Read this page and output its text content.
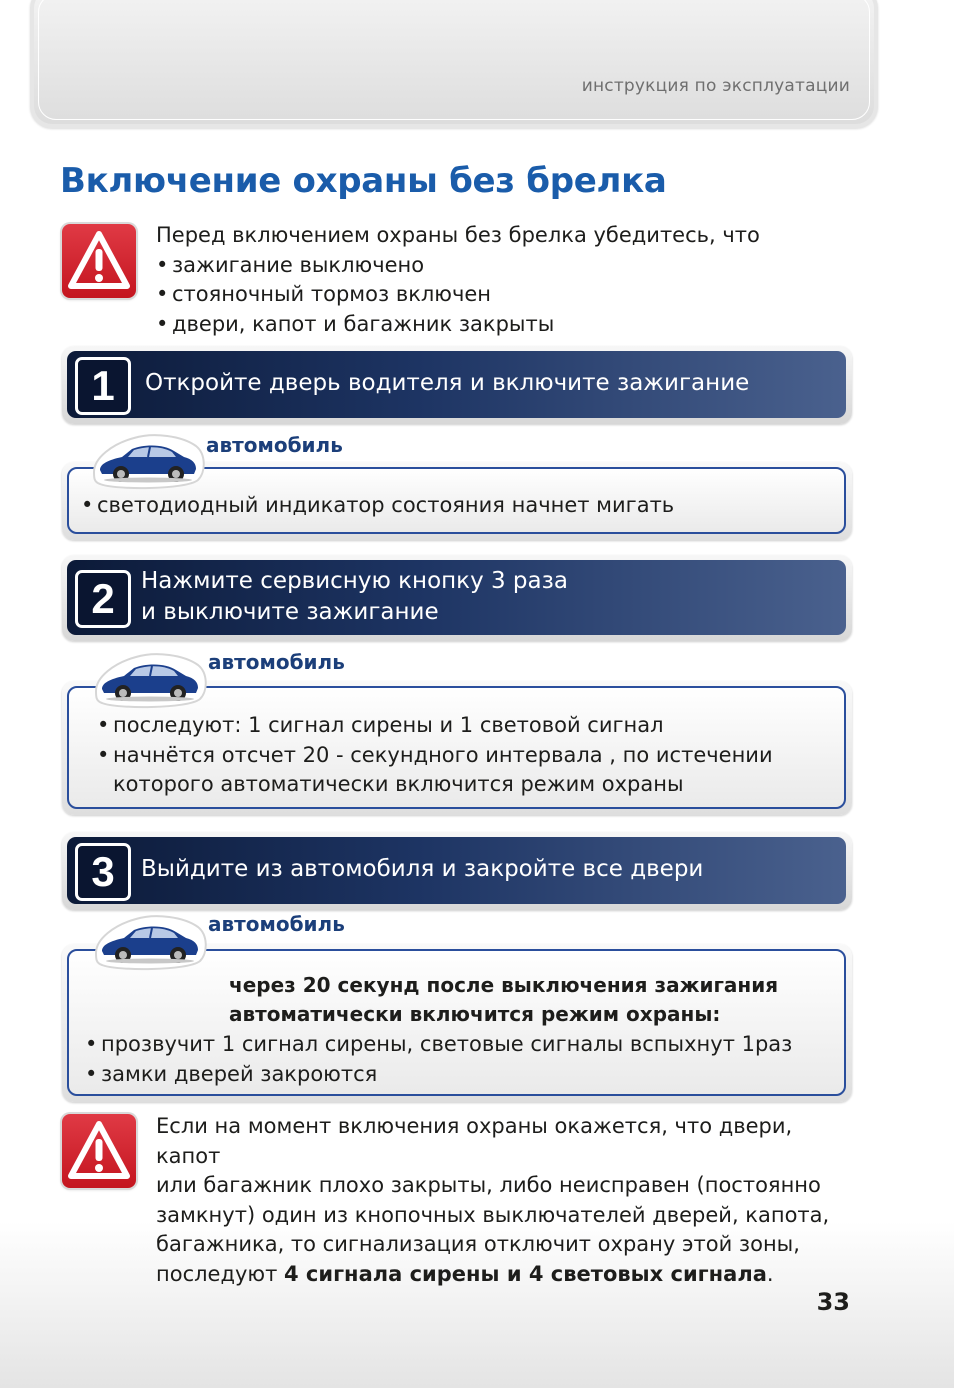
инструкция по эксплуатации
Включение охраны без брелка
Перед включением охраны без брелка убедитесь, что
• зажигание выключено
• стояночный тормоз включен
• двери, капот и багажник закрыты
1	Откройте дверь водителя и включите зажигание
• светодиодный индикатор состояния начнет мигать
автомобиль
2	Нажмите сервисную кнопку 3 раза
и выключите зажигание
• последуют: 1 сигнал сирены и 1 световой сигнал
• начнётся отсчет 20 - секундного интервала , по истечении
которого автоматически включится режим охраны
автомобиль
3	Выйдите из автомобиля и закройте все двери
через 20 секунд после выключения зажигания
автоматически включится режим охраны:
• прозвучит 1 сигнал сирены, световые сигналы вспыхнут 1раз
• замки дверей закроются
автомобиль
Если на момент включения охраны окажется, что двери, капот
или багажник плохо закрыты, либо неисправен (постоянно
замкнут) один из кнопочных выключателей дверей, капота,
багажника, то сигнализация отключит охрану этой зоны,
последуют 4 сигнала сирены и 4 световых сигнала.
33
